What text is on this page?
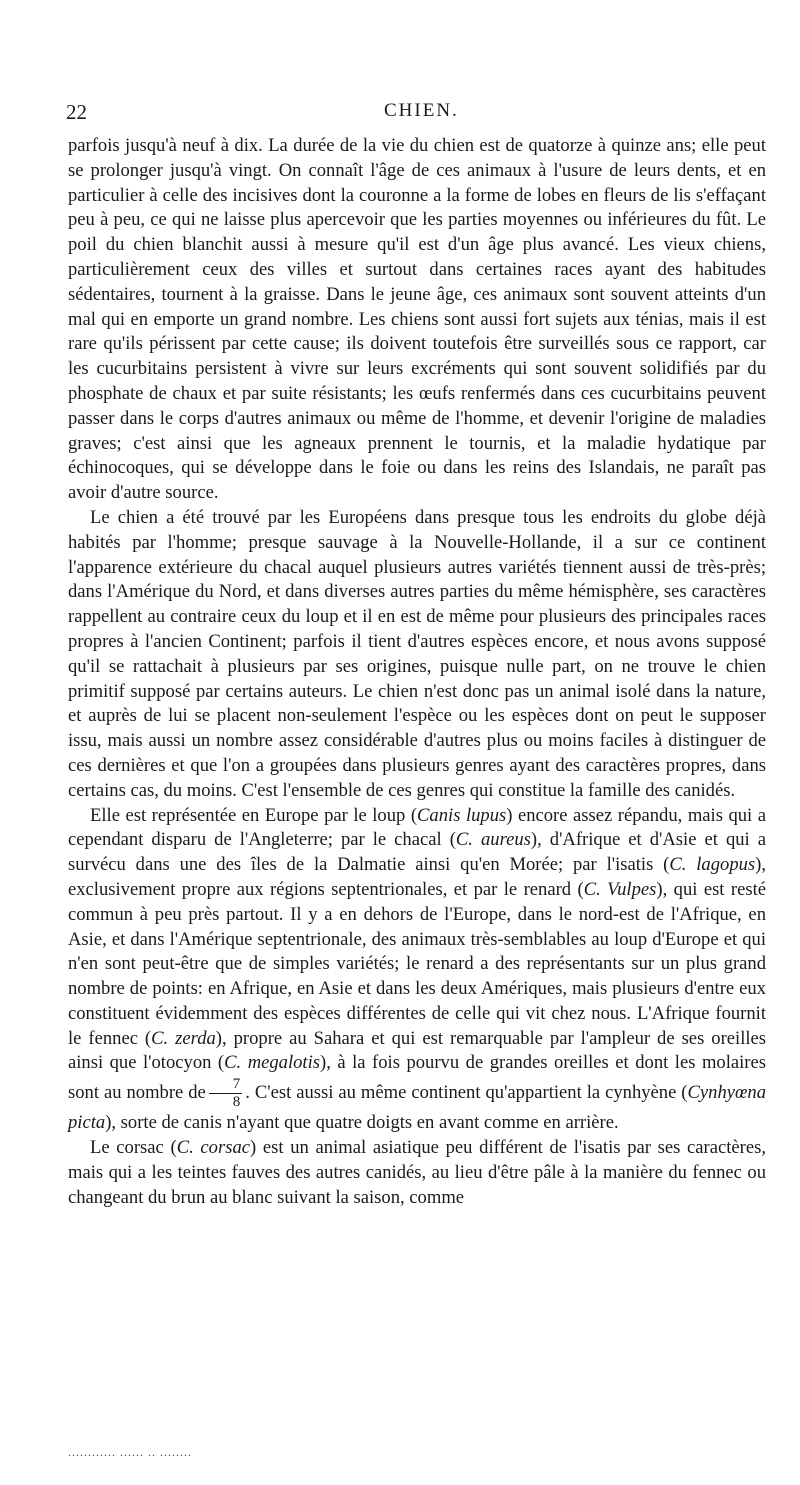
22	CHIEN.

parfois jusqu'à neuf à dix. La durée de la vie du chien est de quatorze à quinze ans; elle peut se prolonger jusqu'à vingt. On connaît l'âge de ces animaux à l'usure de leurs dents, et en particulier à celle des incisives dont la couronne a la forme de lobes en fleurs de lis s'effaçant peu à peu, ce qui ne laisse plus apercevoir que les parties moyennes ou inférieures du fût. Le poil du chien blanchit aussi à mesure qu'il est d'un âge plus avancé. Les vieux chiens, particulièrement ceux des villes et surtout dans certaines races ayant des habitudes sédentaires, tournent à la graisse. Dans le jeune âge, ces animaux sont souvent atteints d'un mal qui en emporte un grand nombre. Les chiens sont aussi fort sujets aux ténias, mais il est rare qu'ils périssent par cette cause; ils doivent toutefois être surveillés sous ce rapport, car les cucurbitains persistent à vivre sur leurs excréments qui sont souvent solidifiés par du phosphate de chaux et par suite résistants; les œufs renfermés dans ces cucurbitains peuvent passer dans le corps d'autres animaux ou même de l'homme, et devenir l'origine de maladies graves; c'est ainsi que les agneaux prennent le tournis, et la maladie hydatique par échinocoques, qui se développe dans le foie ou dans les reins des Islandais, ne paraît pas avoir d'autre source.

Le chien a été trouvé par les Européens dans presque tous les endroits du globe déjà habités par l'homme; presque sauvage à la Nouvelle-Hollande, il a sur ce continent l'apparence extérieure du chacal auquel plusieurs autres variétés tiennent aussi de très-près; dans l'Amérique du Nord, et dans diverses autres parties du même hémisphère, ses caractères rappellent au contraire ceux du loup et il en est de même pour plusieurs des principales races propres à l'ancien Continent; parfois il tient d'autres espèces encore, et nous avons supposé qu'il se rattachait à plusieurs par ses origines, puisque nulle part, on ne trouve le chien primitif supposé par certains auteurs. Le chien n'est donc pas un animal isolé dans la nature, et auprès de lui se placent non-seulement l'espèce ou les espèces dont on peut le supposer issu, mais aussi un nombre assez considérable d'autres plus ou moins faciles à distinguer de ces dernières et que l'on a groupées dans plusieurs genres ayant des caractères propres, dans certains cas, du moins. C'est l'ensemble de ces genres qui constitue la famille des canidés.

Elle est représentée en Europe par le loup (Canis lupus) encore assez répandu, mais qui a cependant disparu de l'Angleterre; par le chacal (C. aureus), d'Afrique et d'Asie et qui a survécu dans une des îles de la Dalmatie ainsi qu'en Morée; par l'isatis (C. lagopus), exclusivement propre aux régions septentrionales, et par le renard (C. Vulpes), qui est resté commun à peu près partout. Il y a en dehors de l'Europe, dans le nord-est de l'Afrique, en Asie, et dans l'Amérique septentrionale, des animaux très-semblables au loup d'Europe et qui n'en sont peut-être que de simples variétés; le renard a des représentants sur un plus grand nombre de points: en Afrique, en Asie et dans les deux Amériques, mais plusieurs d'entre eux constituent évidemment des espèces différentes de celle qui vit chez nous. L'Afrique fournit le fennec (C. zerda), propre au Sahara et qui est remarquable par l'ampleur de ses oreilles ainsi que l'otocyon (C. megalotis), à la fois pourvu de grandes oreilles et dont les molaires sont au nombre de $\frac{7}{8}$ . C'est aussi au même continent qu'appartient la cynhyène (Cynhyœna picta), sorte de canis n'ayant que quatre doigts en avant comme en arrière.

Le corsac (C. corsac) est un animal asiatique peu différent de l'isatis par ses caractères, mais qui a les teintes fauves des autres canidés, au lieu d'être pâle à la manière du fennec ou changeant du brun au blanc suivant la saison, comme

............ ...... .. ........
